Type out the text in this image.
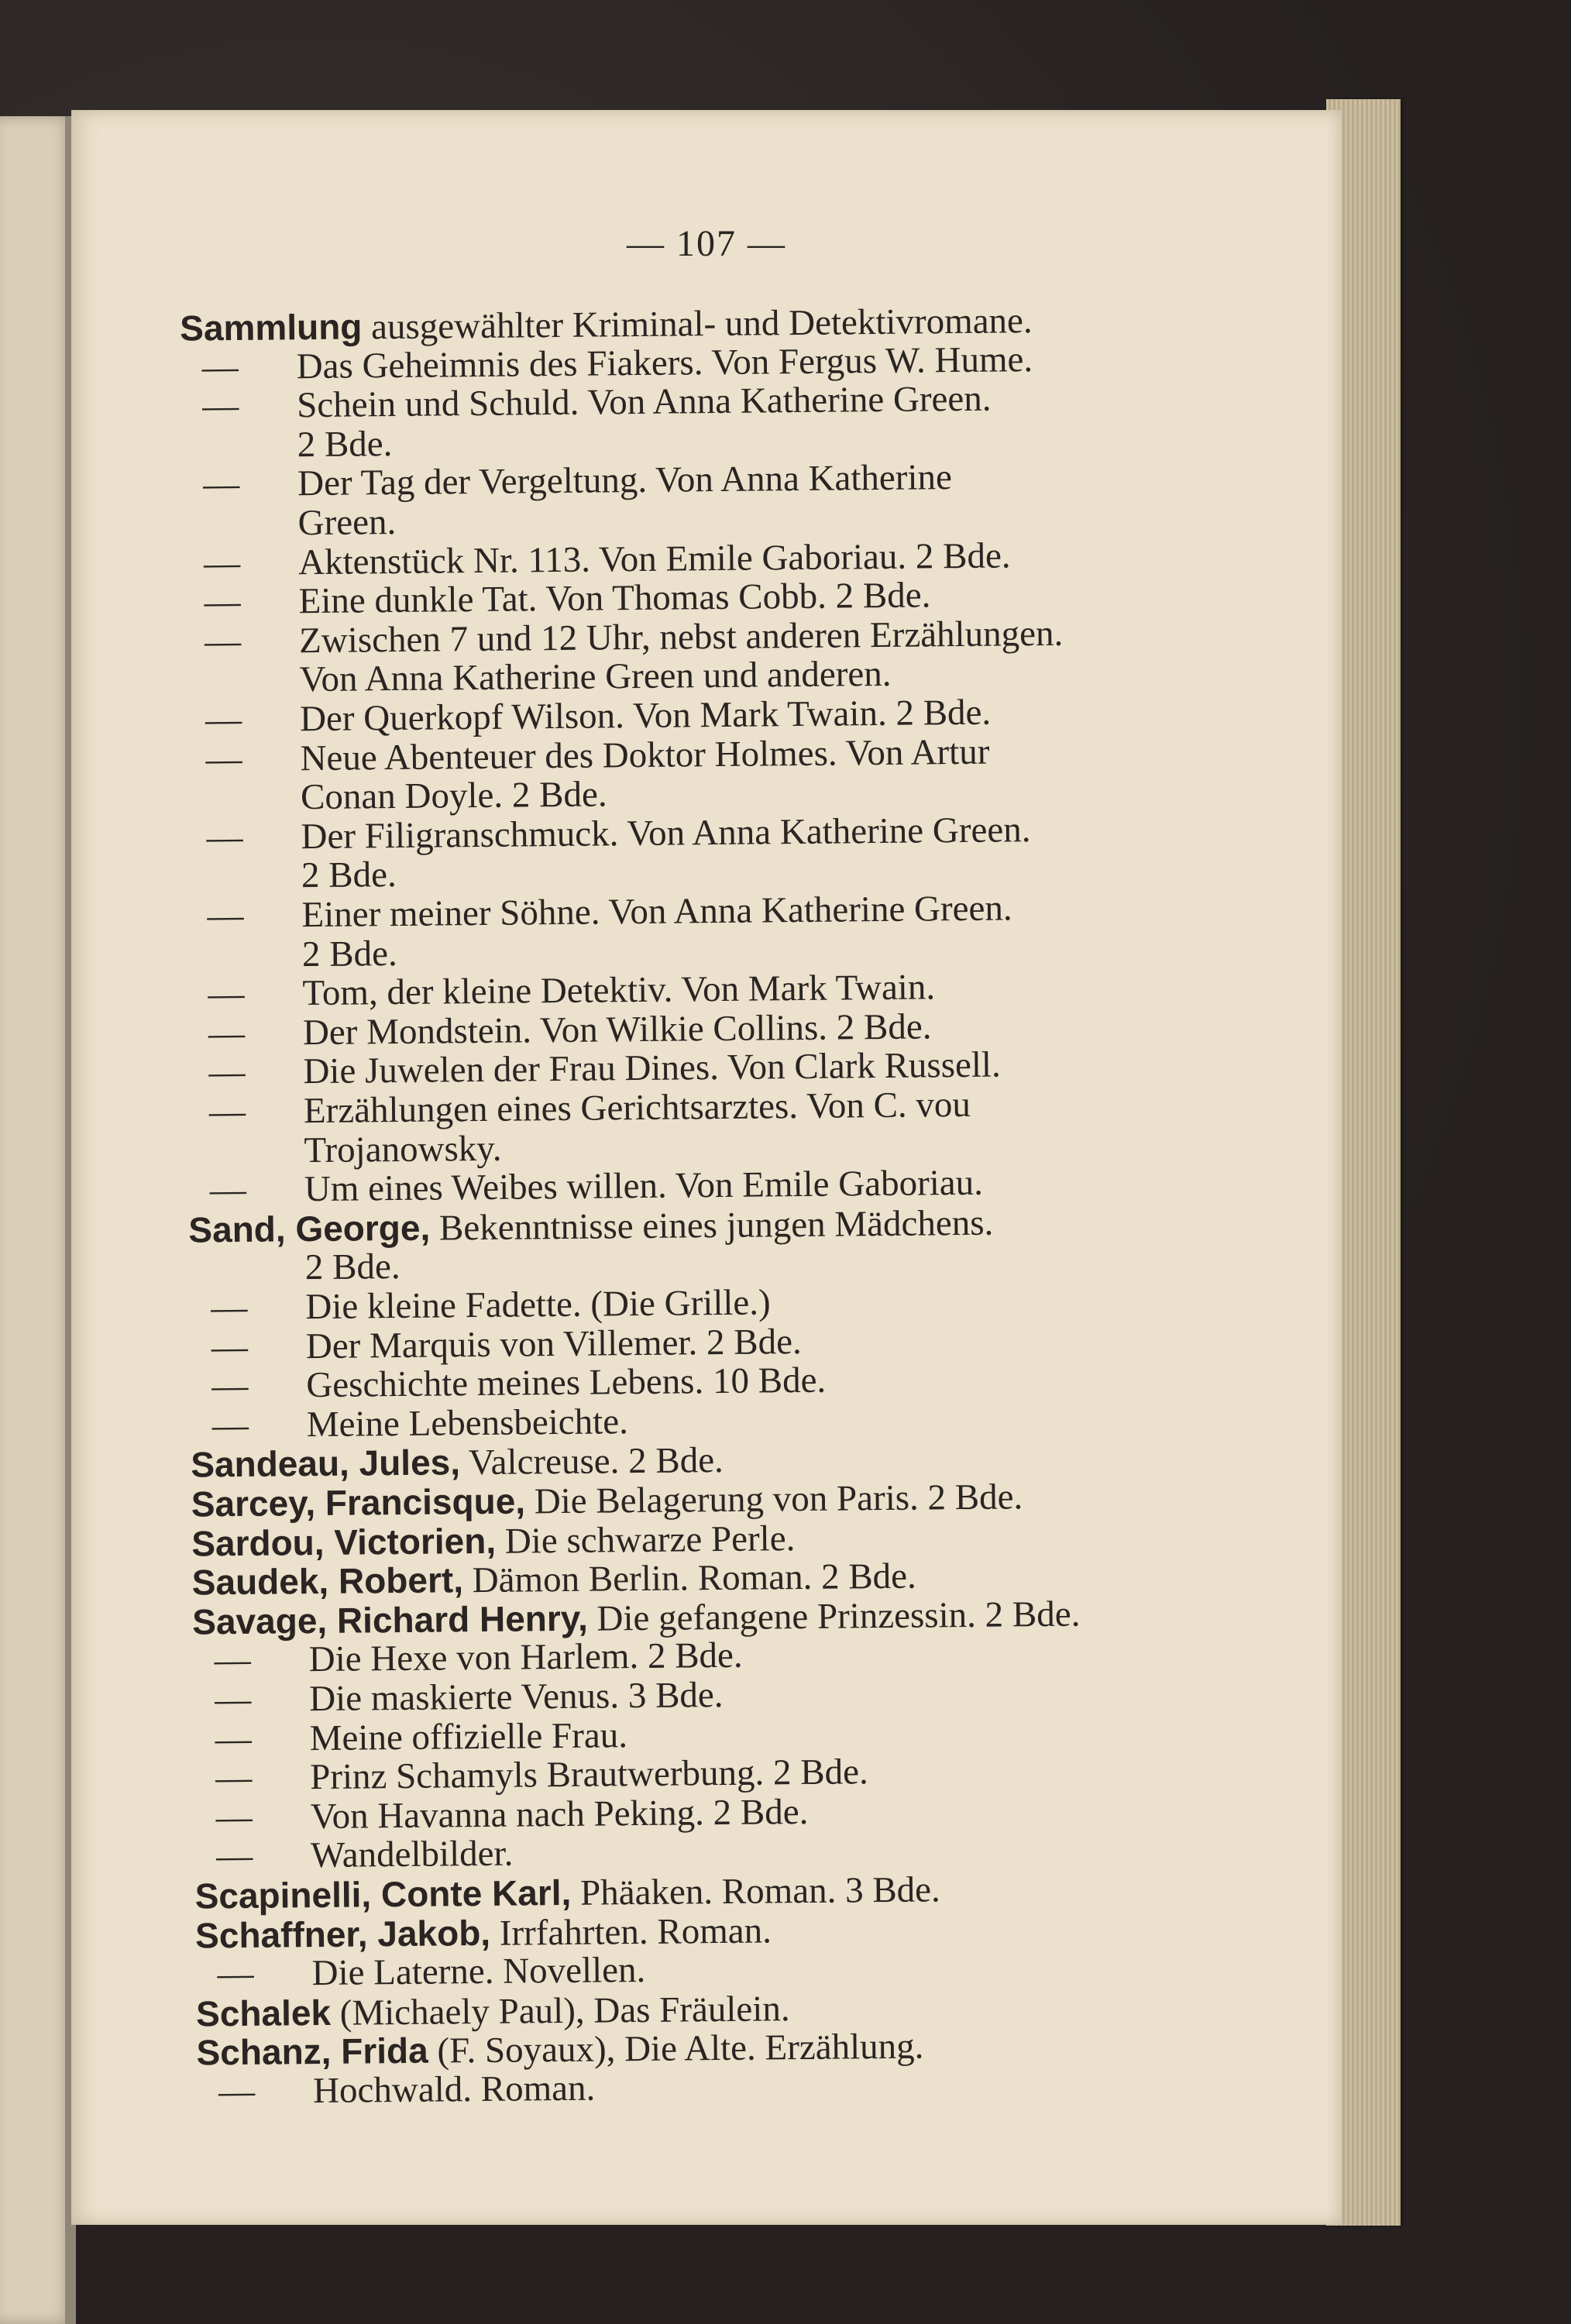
— 107 —
Sammlung ausgewählter Kriminal- und Detektivromane.
— Das Geheimnis des Fiakers. Von Fergus W. Hume.
— Schein und Schuld. Von Anna Katherine Green.
2 Bde.
— Der Tag der Vergeltung. Von Anna Katherine
Green.
— Aktenstück Nr. 113. Von Emile Gaboriau. 2 Bde.
— Eine dunkle Tat. Von Thomas Cobb. 2 Bde.
— Zwischen 7 und 12 Uhr, nebst anderen Erzählungen.
Von Anna Katherine Green und anderen.
— Der Querkopf Wilson. Von Mark Twain. 2 Bde.
— Neue Abenteuer des Doktor Holmes. Von Artur
Conan Doyle. 2 Bde.
— Der Filigranschmuck. Von Anna Katherine Green.
2 Bde.
— Einer meiner Söhne. Von Anna Katherine Green.
2 Bde.
— Tom, der kleine Detektiv. Von Mark Twain.
— Der Mondstein. Von Wilkie Collins. 2 Bde.
— Die Juwelen der Frau Dines. Von Clark Russell.
— Erzählungen eines Gerichtsarztes. Von C. vou
Trojanowsky.
— Um eines Weibes willen. Von Emile Gaboriau.
Sand, George, Bekenntnisse eines jungen Mädchens.
2 Bde.
— Die kleine Fadette. (Die Grille.)
— Der Marquis von Villemer. 2 Bde.
— Geschichte meines Lebens. 10 Bde.
— Meine Lebensbeichte.
Sandeau, Jules, Valcreuse. 2 Bde.
Sarcey, Francisque, Die Belagerung von Paris. 2 Bde.
Sardou, Victorien, Die schwarze Perle.
Saudek, Robert, Dämon Berlin. Roman. 2 Bde.
Savage, Richard Henry, Die gefangene Prinzessin. 2 Bde.
— Die Hexe von Harlem. 2 Bde.
— Die maskierte Venus. 3 Bde.
— Meine offizielle Frau.
— Prinz Schamyls Brautwerbung. 2 Bde.
— Von Havanna nach Peking. 2 Bde.
— Wandelbilder.
Scapinelli, Conte Karl, Phäaken. Roman. 3 Bde.
Schaffner, Jakob, Irrfahrten. Roman.
— Die Laterne. Novellen.
Schalek (Michaely Paul), Das Fräulein.
Schanz, Frida (F. Soyaux), Die Alte. Erzählung.
— Hochwald. Roman.
